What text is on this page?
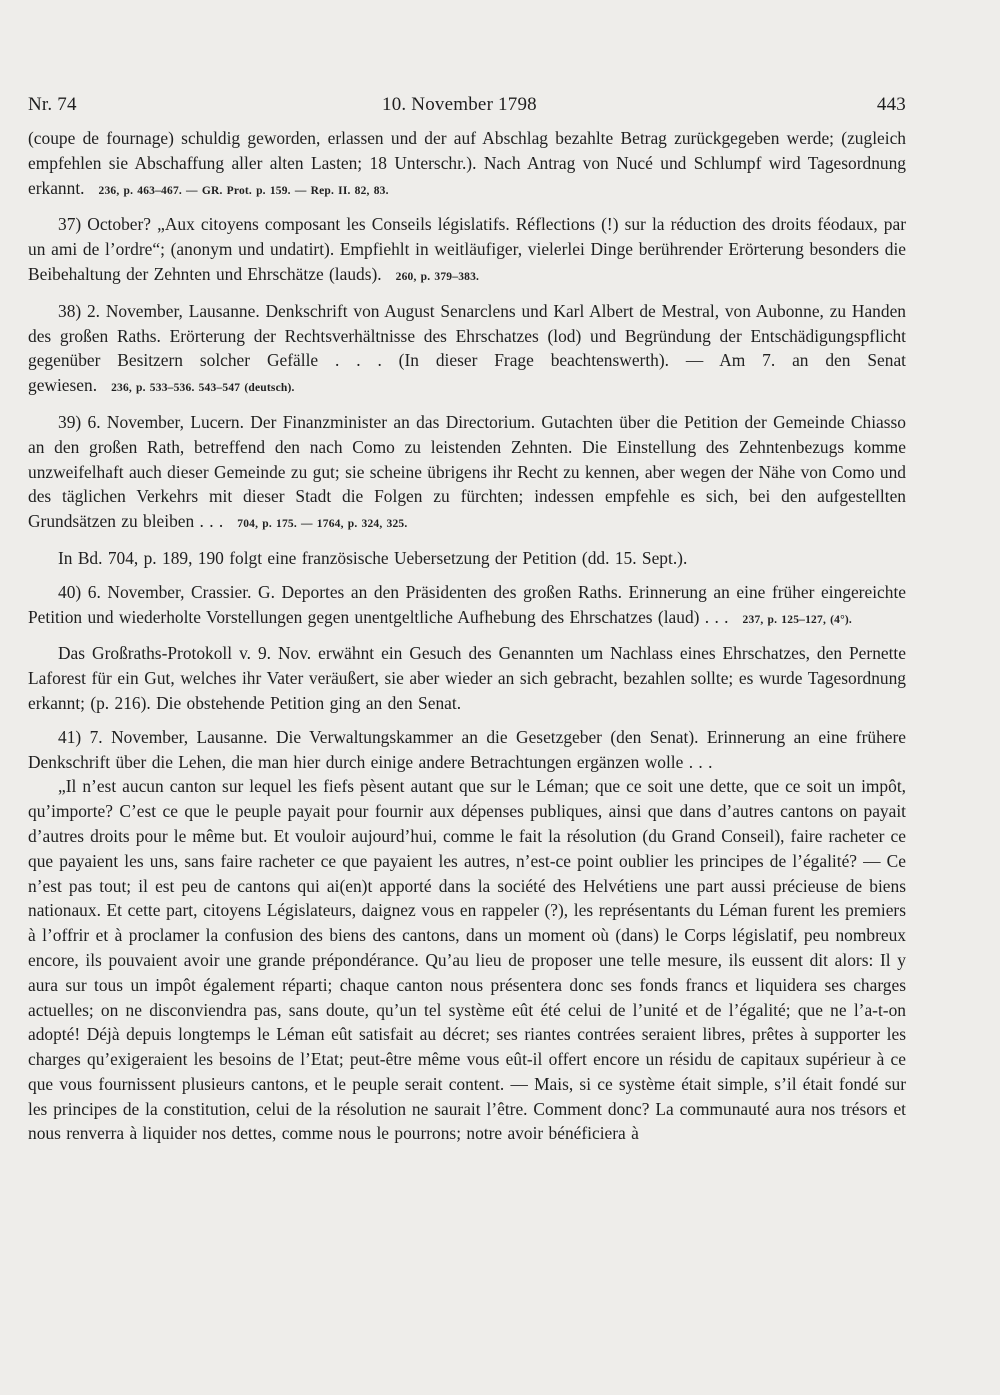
Nr. 74	10. November 1798	443

(coupe de fournage) schuldig geworden, erlassen und der auf Abschlag bezahlte Betrag zurückgegeben werde; (zugleich empfehlen sie Abschaffung aller alten Lasten; 18 Unterschr.). Nach Antrag von Nucé und Schlumpf wird Tagesordnung erkannt. 236, p. 463–467. — GR. Prot. p. 159. — Rep. II. 82, 83.

37) October? „Aux citoyens composant les Conseils législatifs. Réflections (!) sur la réduction des droits féodaux, par un ami de l’ordre“; (anonym und undatirt). Empfiehlt in weitläufiger, vielerlei Dinge berührender Erörterung besonders die Beibehaltung der Zehnten und Ehrschätze (lauds). 260, p. 379–383.

38) 2. November, Lausanne. Denkschrift von August Senarclens und Karl Albert de Mestral, von Aubonne, zu Handen des großen Raths. Erörterung der Rechtsverhältnisse des Ehrschatzes (lod) und Begründung der Entschädigungspflicht gegenüber Besitzern solcher Gefälle . . . (In dieser Frage beachtenswerth). — Am 7. an den Senat gewiesen. 236, p. 533–536. 543–547 (deutsch).

39) 6. November, Lucern. Der Finanzminister an das Directorium. Gutachten über die Petition der Gemeinde Chiasso an den großen Rath, betreffend den nach Como zu leistenden Zehnten. Die Einstellung des Zehntenbezugs komme unzweifelhaft auch dieser Gemeinde zu gut; sie scheine übrigens ihr Recht zu kennen, aber wegen der Nähe von Como und des täglichen Verkehrs mit dieser Stadt die Folgen zu fürchten; indessen empfehle es sich, bei den aufgestellten Grundsätzen zu bleiben . . . 704, p. 175. — 1764, p. 324, 325.

In Bd. 704, p. 189, 190 folgt eine französische Uebersetzung der Petition (dd. 15. Sept.).

40) 6. November, Crassier. G. Deportes an den Präsidenten des großen Raths. Erinnerung an eine früher eingereichte Petition und wiederholte Vorstellungen gegen unentgeltliche Aufhebung des Ehrschatzes (laud) . . . 237, p. 125–127, (4°).

Das Großraths-Protokoll v. 9. Nov. erwähnt ein Gesuch des Genannten um Nachlass eines Ehrschatzes, den Pernette Laforest für ein Gut, welches ihr Vater veräußert, sie aber wieder an sich gebracht, bezahlen sollte; es wurde Tagesordnung erkannt; (p. 216). Die obstehende Petition ging an den Senat.

41) 7. November, Lausanne. Die Verwaltungskammer an die Gesetzgeber (den Senat). Erinnerung an eine frühere Denkschrift über die Lehen, die man hier durch einige andere Betrachtungen ergänzen wolle . . .

„Il n’est aucun canton sur lequel les fiefs pèsent autant que sur le Léman; que ce soit une dette, que ce soit un impôt, qu’importe? C’est ce que le peuple payait pour fournir aux dépenses publiques, ainsi que dans d’autres cantons on payait d’autres droits pour le même but. Et vouloir aujourd’hui, comme le fait la résolution (du Grand Conseil), faire racheter ce que payaient les uns, sans faire racheter ce que payaient les autres, n’est-ce point oublier les principes de l’égalité? — Ce n’est pas tout; il est peu de cantons qui ai(en)t apporté dans la société des Helvétiens une part aussi précieuse de biens nationaux. Et cette part, citoyens Législateurs, daignez vous en rappeler (?), les représentants du Léman furent les premiers à l’offrir et à proclamer la confusion des biens des cantons, dans un moment où (dans) le Corps législatif, peu nombreux encore, ils pouvaient avoir une grande prépondérance. Qu’au lieu de proposer une telle mesure, ils eussent dit alors: Il y aura sur tous un impôt également réparti; chaque canton nous présentera donc ses fonds francs et liquidera ses charges actuelles; on ne disconviendra pas, sans doute, qu’un tel système eût été celui de l’unité et de l’égalité; que ne l’a-t-on adopté! Déjà depuis longtemps le Léman eût satisfait au décret; ses riantes contrées seraient libres, prêtes à supporter les charges qu’exigeraient les besoins de l’Etat; peut-être même vous eût-il offert encore un résidu de capitaux supérieur à ce que vous fournissent plusieurs cantons, et le peuple serait content. — Mais, si ce système était simple, s’il était fondé sur les principes de la constitution, celui de la résolution ne saurait l’être. Comment donc? La communauté aura nos trésors et nous renverra à liquider nos dettes, comme nous le pourrons; notre avoir bénéficiera à
